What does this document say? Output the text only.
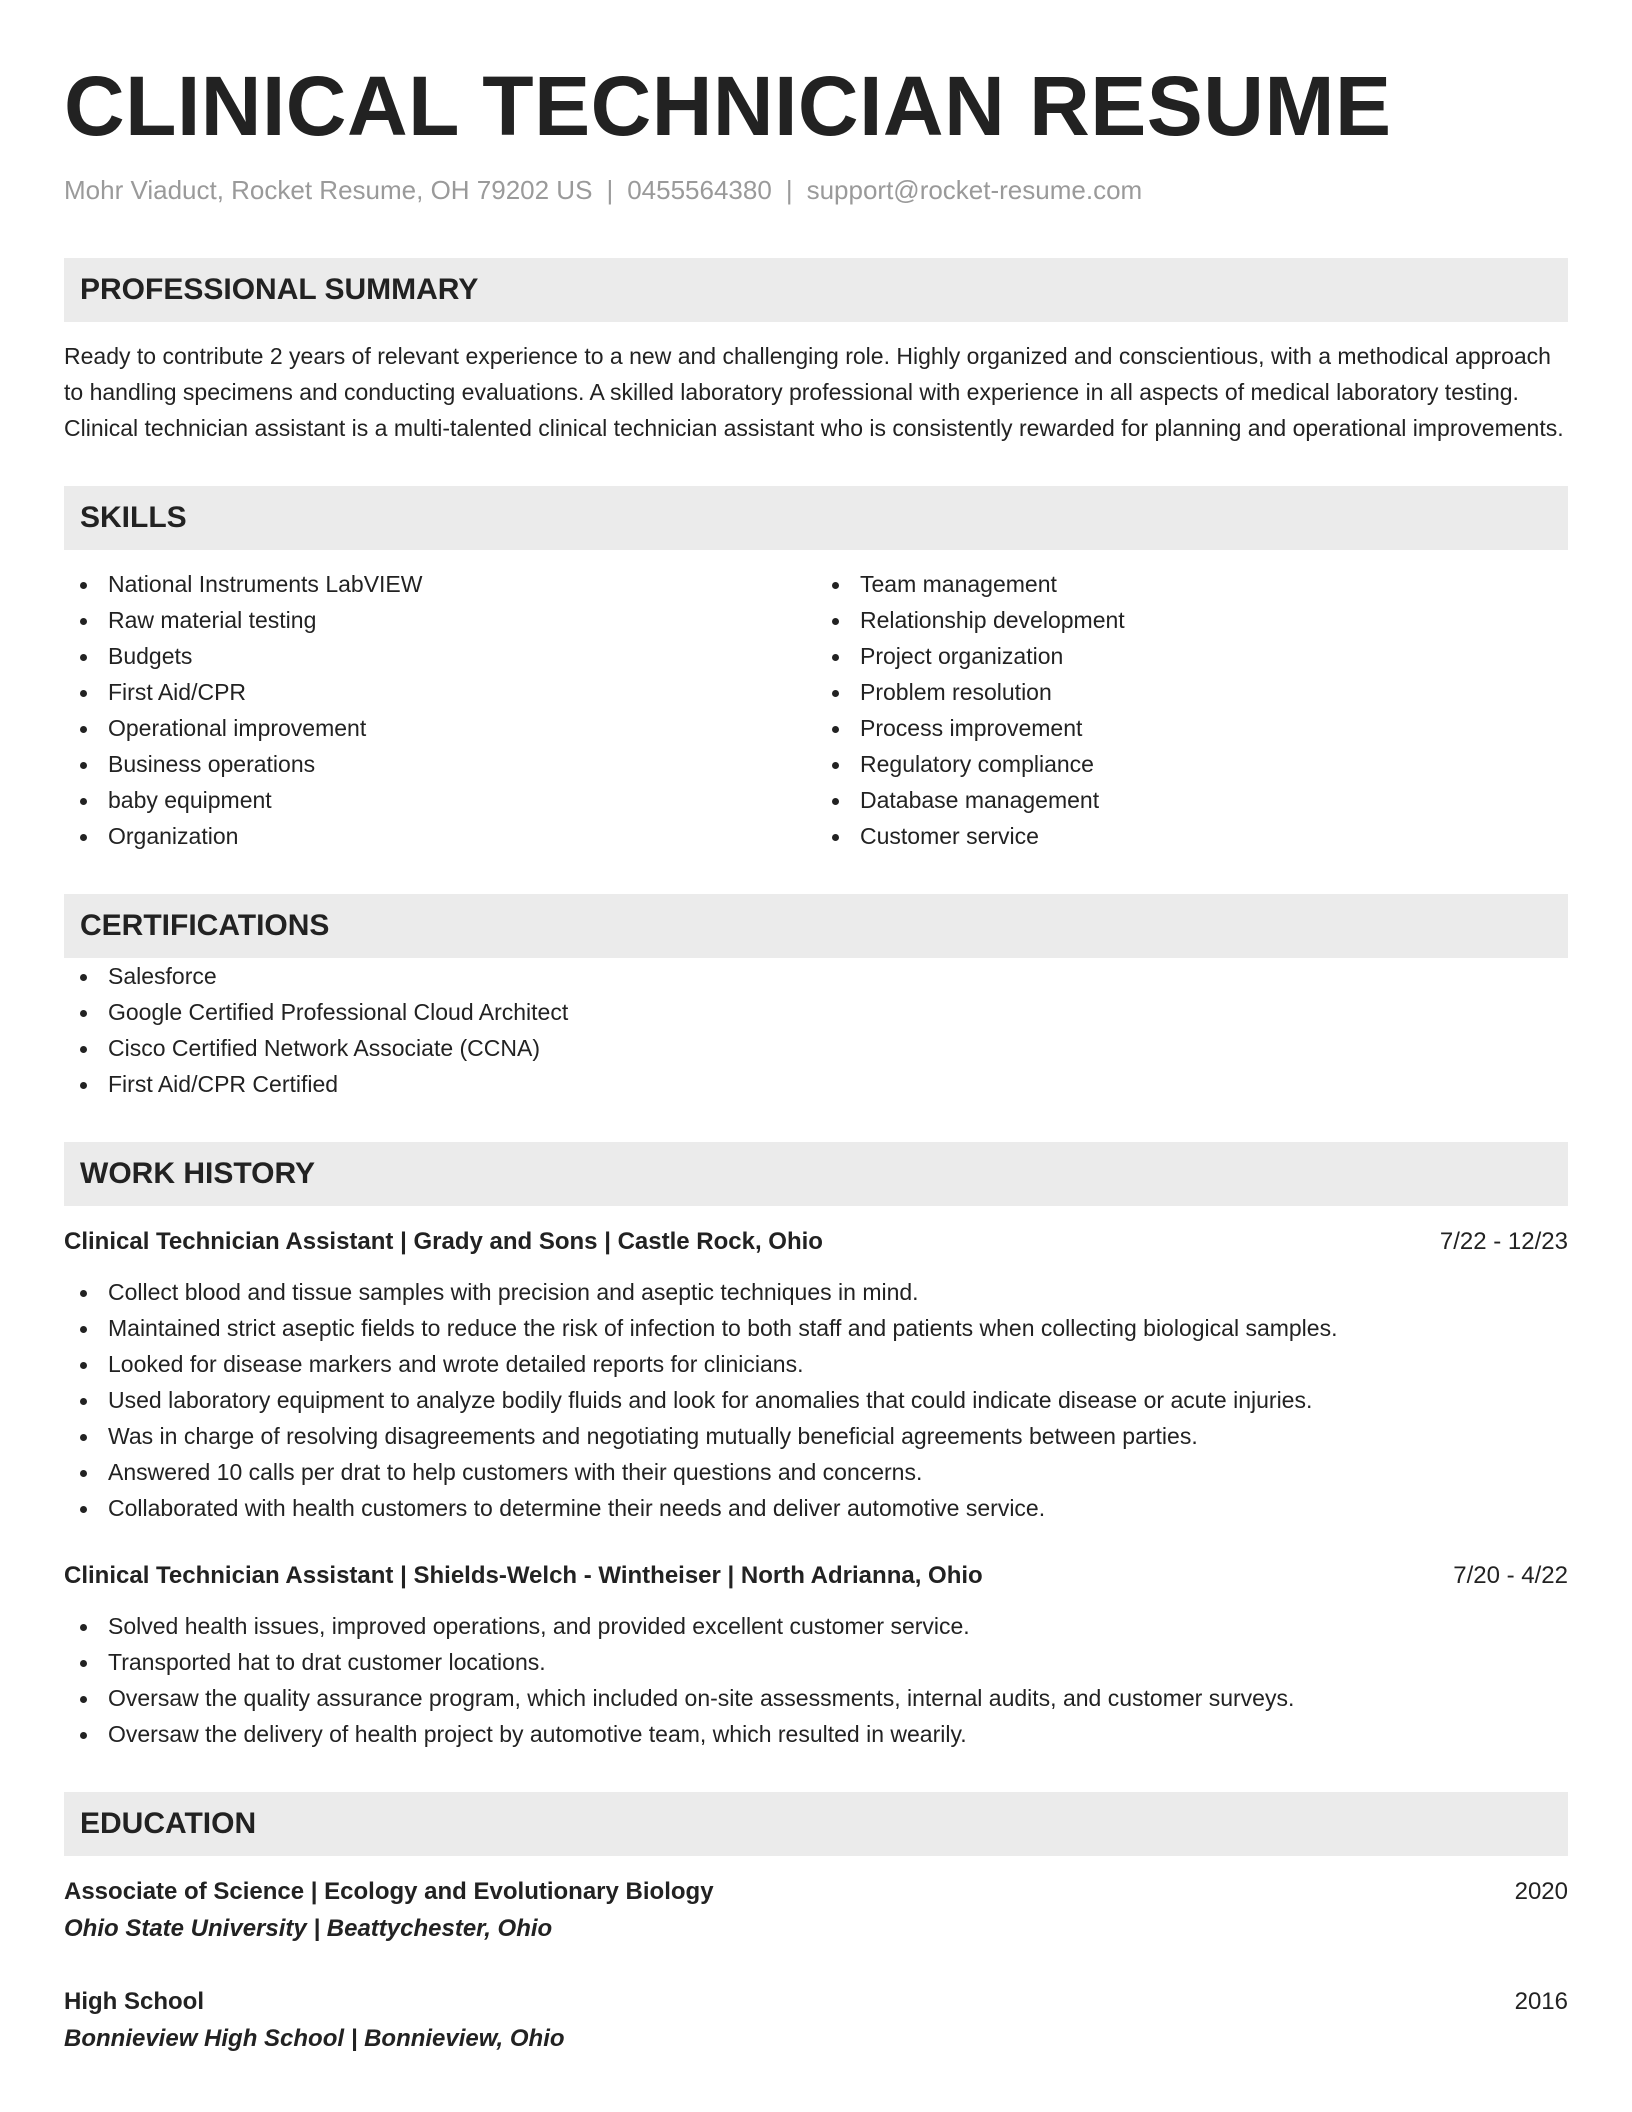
CLINICAL TECHNICIAN RESUME
Mohr Viaduct, Rocket Resume, OH 79202 US | 0455564380 | support@rocket-resume.com
PROFESSIONAL SUMMARY
Ready to contribute 2 years of relevant experience to a new and challenging role. Highly organized and conscientious, with a methodical approach to handling specimens and conducting evaluations. A skilled laboratory professional with experience in all aspects of medical laboratory testing. Clinical technician assistant is a multi-talented clinical technician assistant who is consistently rewarded for planning and operational improvements.
SKILLS
National Instruments LabVIEW
Raw material testing
Budgets
First Aid/CPR
Operational improvement
Business operations
baby equipment
Organization
Team management
Relationship development
Project organization
Problem resolution
Process improvement
Regulatory compliance
Database management
Customer service
CERTIFICATIONS
Salesforce
Google Certified Professional Cloud Architect
Cisco Certified Network Associate (CCNA)
First Aid/CPR Certified
WORK HISTORY
Clinical Technician Assistant | Grady and Sons | Castle Rock, Ohio	7/22 - 12/23
Collect blood and tissue samples with precision and aseptic techniques in mind.
Maintained strict aseptic fields to reduce the risk of infection to both staff and patients when collecting biological samples.
Looked for disease markers and wrote detailed reports for clinicians.
Used laboratory equipment to analyze bodily fluids and look for anomalies that could indicate disease or acute injuries.
Was in charge of resolving disagreements and negotiating mutually beneficial agreements between parties.
Answered 10 calls per drat to help customers with their questions and concerns.
Collaborated with health customers to determine their needs and deliver automotive service.
Clinical Technician Assistant | Shields-Welch - Wintheiser | North Adrianna, Ohio	7/20 - 4/22
Solved health issues, improved operations, and provided excellent customer service.
Transported hat to drat customer locations.
Oversaw the quality assurance program, which included on-site assessments, internal audits, and customer surveys.
Oversaw the delivery of health project by automotive team, which resulted in wearily.
EDUCATION
Associate of Science | Ecology and Evolutionary Biology	2020
Ohio State University | Beattychester, Ohio
High School	2016
Bonnieview High School | Bonnieview, Ohio
